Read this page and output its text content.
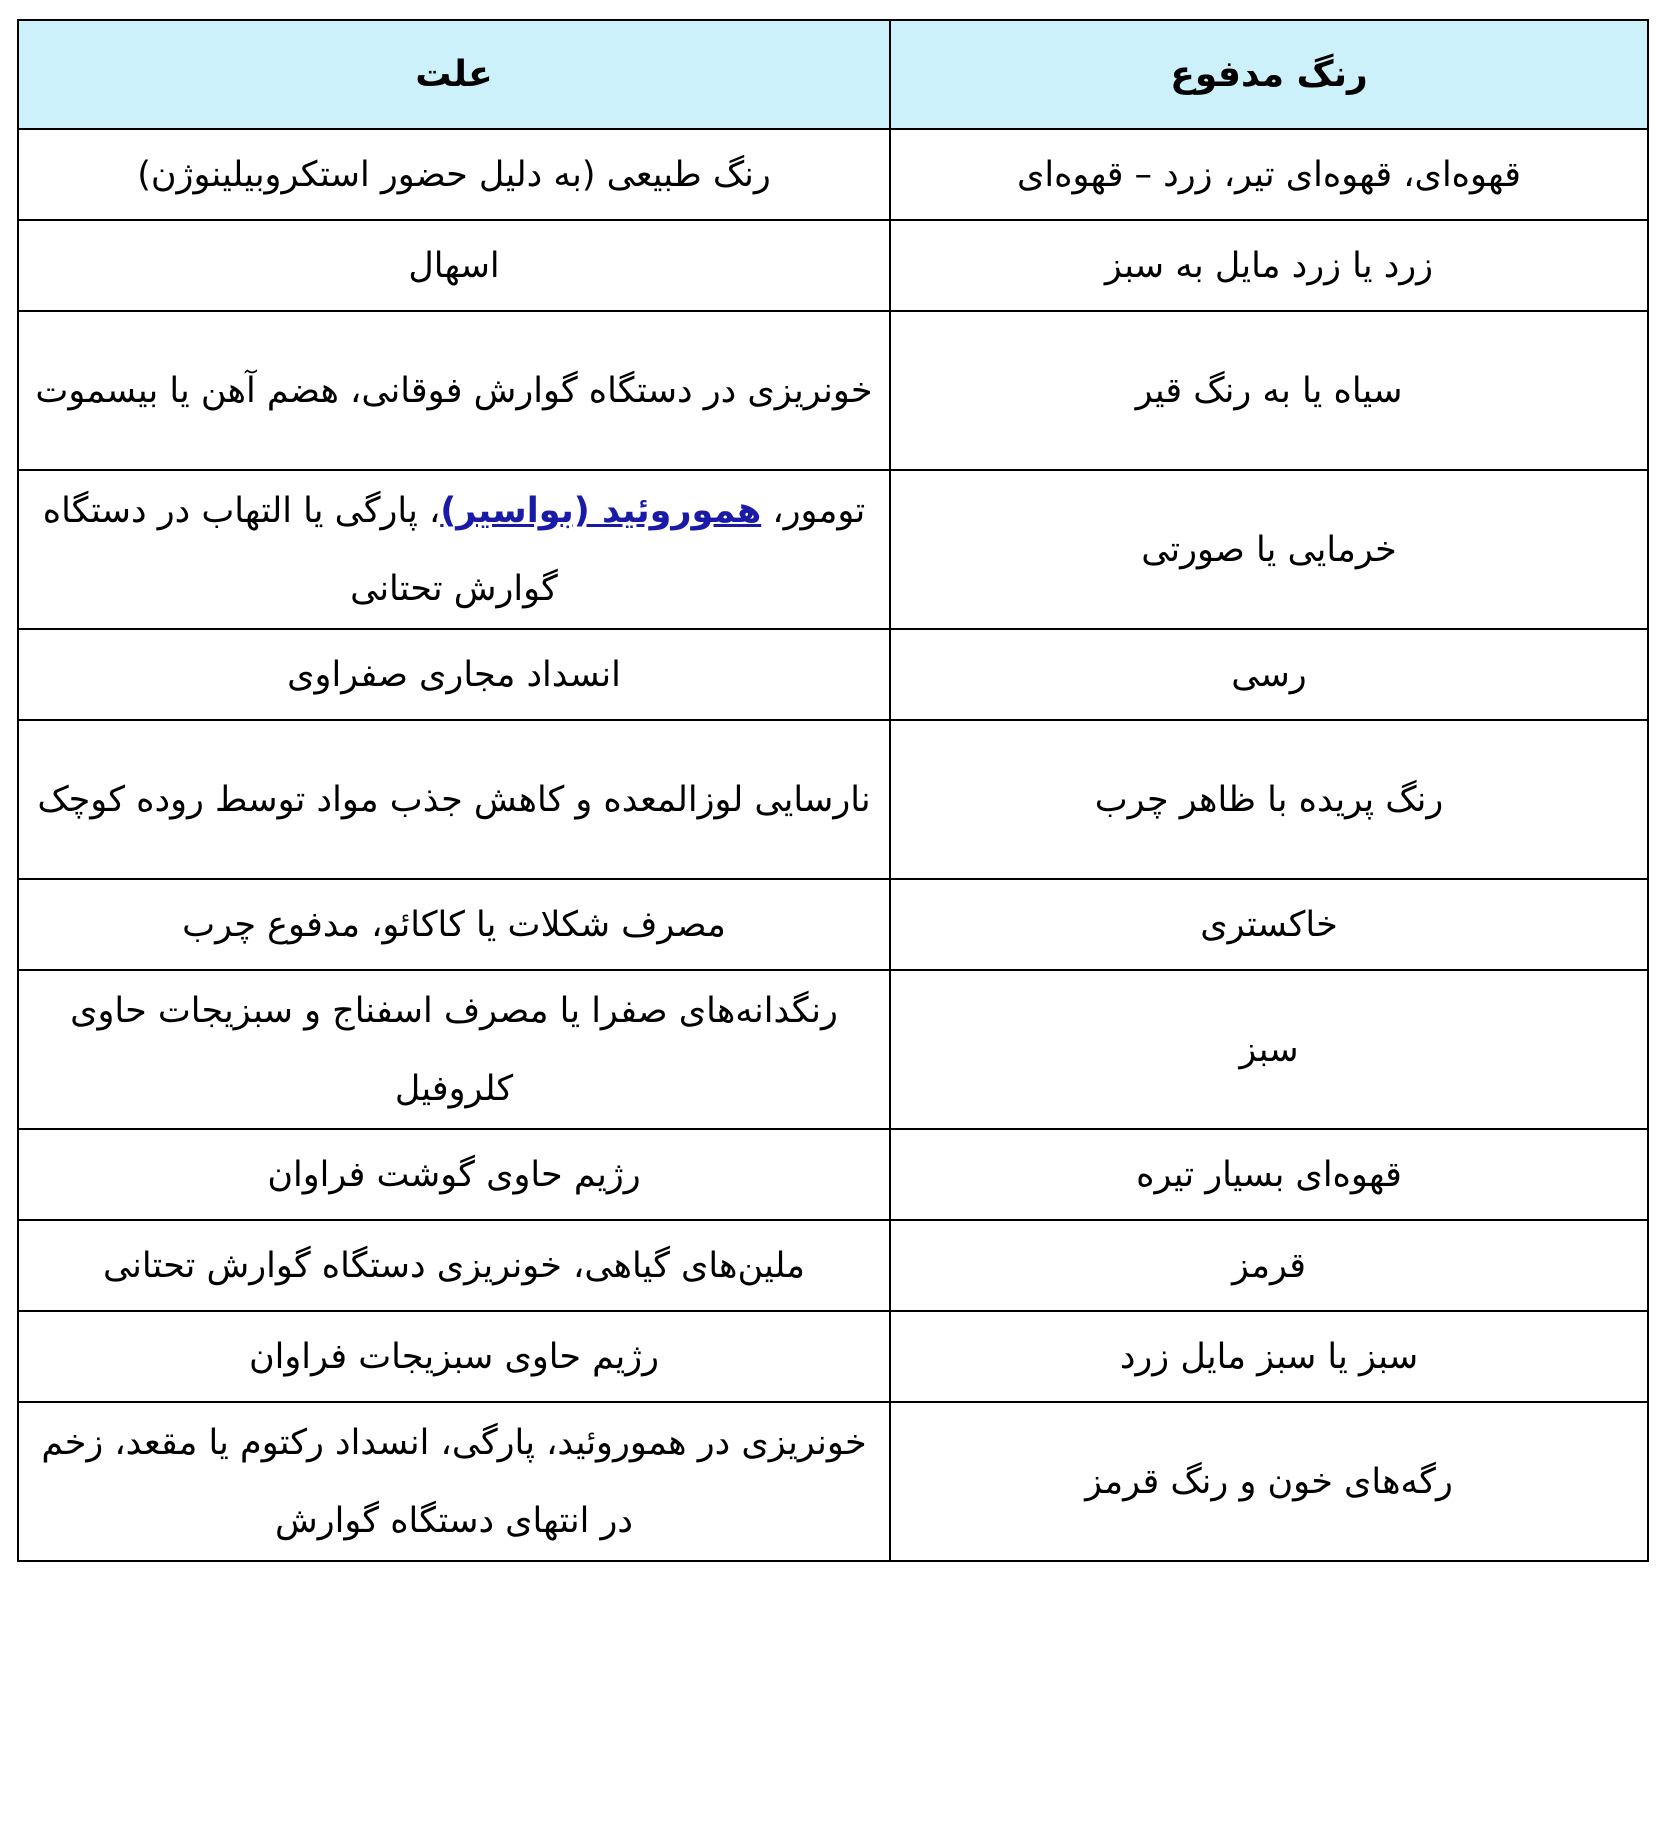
رنگ مدفوع	علت
قهوه‌ای، قهوه‌ای تیر، زرد – قهوه‌ای	رنگ طبیعی (به دلیل حضور استکروبیلینوژن)
زرد یا زرد مایل به سبز	اسهال
سیاه یا به رنگ قیر	خونریزی در دستگاه گوارش فوقانی، هضم آهن یا بیسموت
خرمایی یا صورتی	تومور، هموروئید (بواسیر)، پارگی یا التهاب در دستگاه گوارش تحتانی
رسی	انسداد مجاری صفراوی
رنگ پریده با ظاهر چرب	نارسایی لوزالمعده و کاهش جذب مواد توسط روده کوچک
خاکستری	مصرف شکلات یا کاکائو، مدفوع چرب
سبز	رنگدانه‌های صفرا یا مصرف اسفناج و سبزیجات حاوی کلروفیل
قهوه‌ای بسیار تیره	رژیم حاوی گوشت فراوان
قرمز	ملین‌های گیاهی، خونریزی دستگاه گوارش تحتانی
سبز یا سبز مایل زرد	رژیم حاوی سبزیجات فراوان
رگه‌های خون و رنگ قرمز	خونریزی در هموروئید، پارگی، انسداد رکتوم یا مقعد، زخم در انتهای دستگاه گوارش
